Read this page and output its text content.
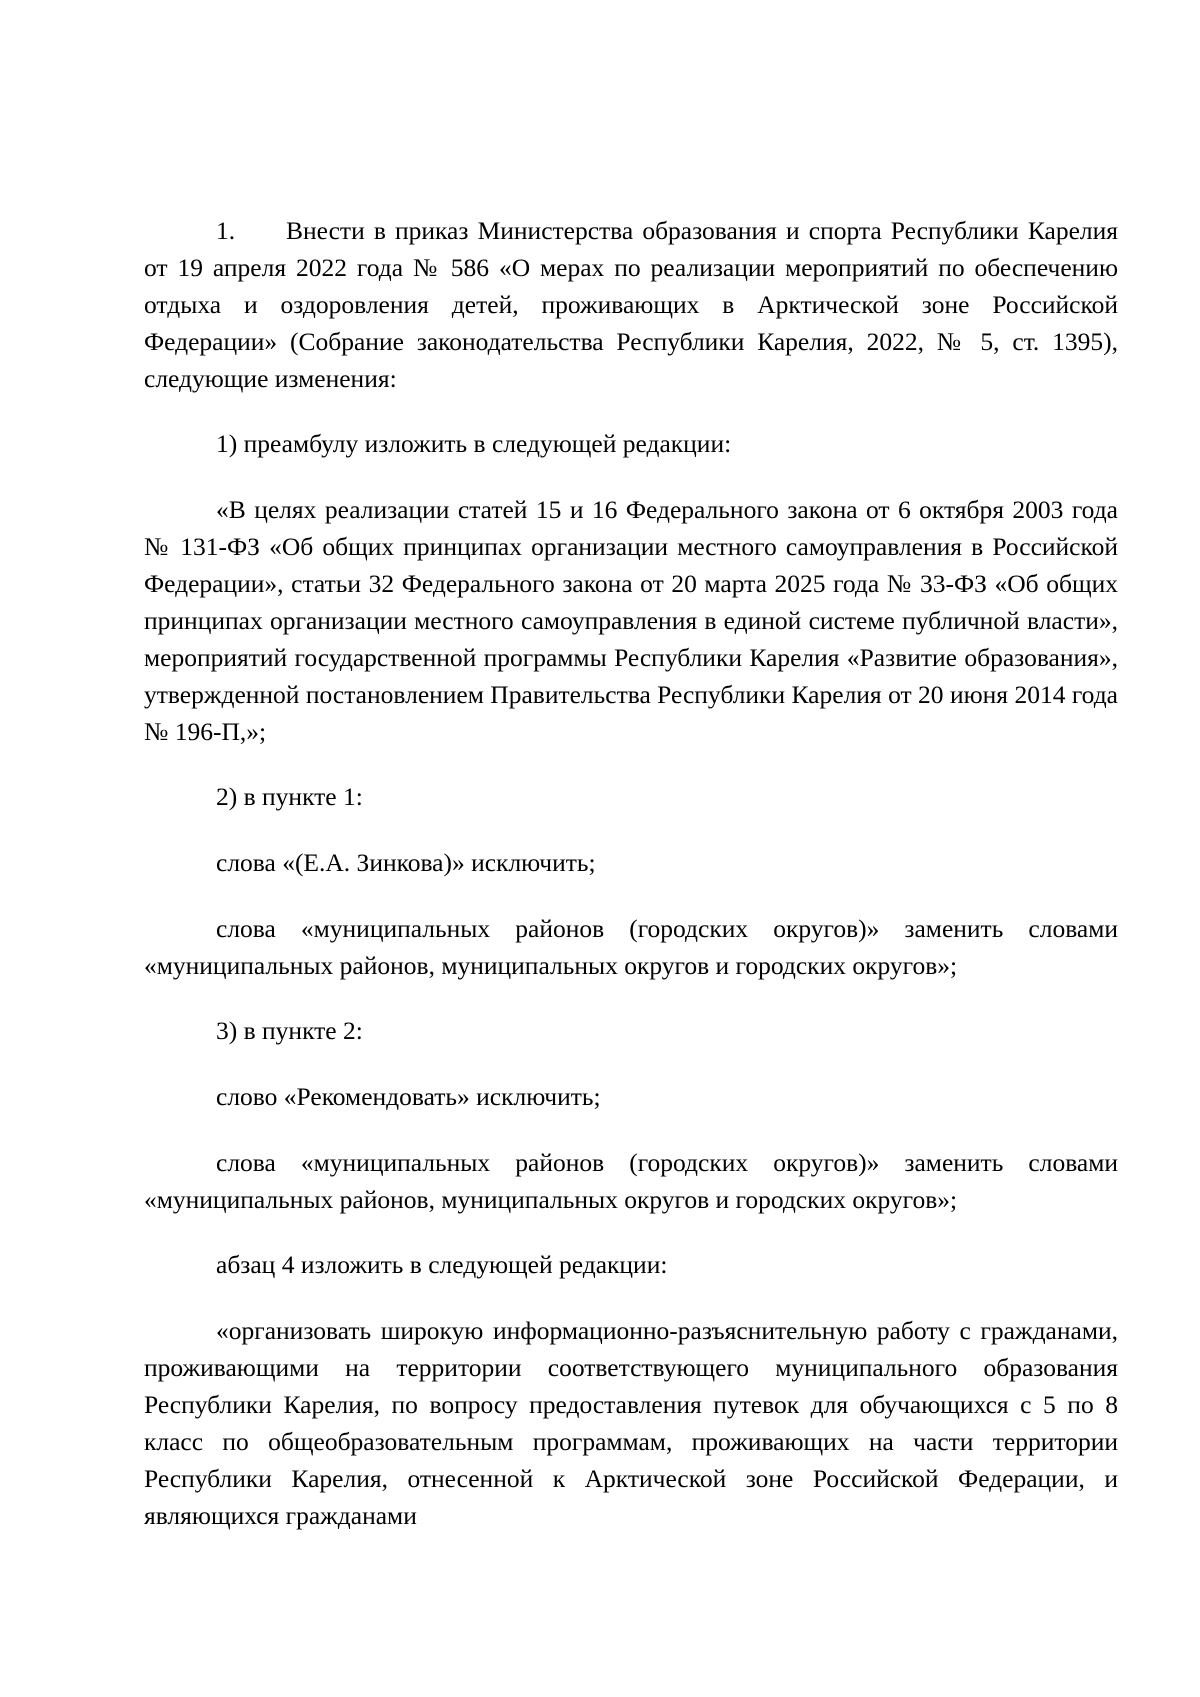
1. Внести в приказ Министерства образования и спорта Республики Карелия от 19 апреля 2022 года № 586 «О мерах по реализации мероприятий по обеспечению отдыха и оздоровления детей, проживающих в Арктической зоне Российской Федерации» (Собрание законодательства Республики Карелия, 2022, № 5, ст. 1395), следующие изменения:

1) преамбулу изложить в следующей редакции:

«В целях реализации статей 15 и 16 Федерального закона от 6 октября 2003 года № 131-ФЗ «Об общих принципах организации местного самоуправления в Российской Федерации», статьи 32 Федерального закона от 20 марта 2025 года № 33-ФЗ «Об общих принципах организации местного самоуправления в единой системе публичной власти», мероприятий государственной программы Республики Карелия «Развитие образования», утвержденной постановлением Правительства Республики Карелия от 20 июня 2014 года № 196-П,»;

2) в пункте 1:

слова «(Е.А. Зинкова)» исключить;

слова «муниципальных районов (городских округов)» заменить словами «муниципальных районов, муниципальных округов и городских округов»;

3) в пункте 2:

слово «Рекомендовать» исключить;

слова «муниципальных районов (городских округов)» заменить словами «муниципальных районов, муниципальных округов и городских округов»;

абзац 4 изложить в следующей редакции:

«организовать широкую информационно-разъяснительную работу с гражданами, проживающими на территории соответствующего муниципального образования Республики Карелия, по вопросу предоставления путевок для обучающихся с 5 по 8 класс по общеобразовательным программам, проживающих на части территории Республики Карелия, отнесенной к Арктической зоне Российской Федерации, и являющихся гражданами
